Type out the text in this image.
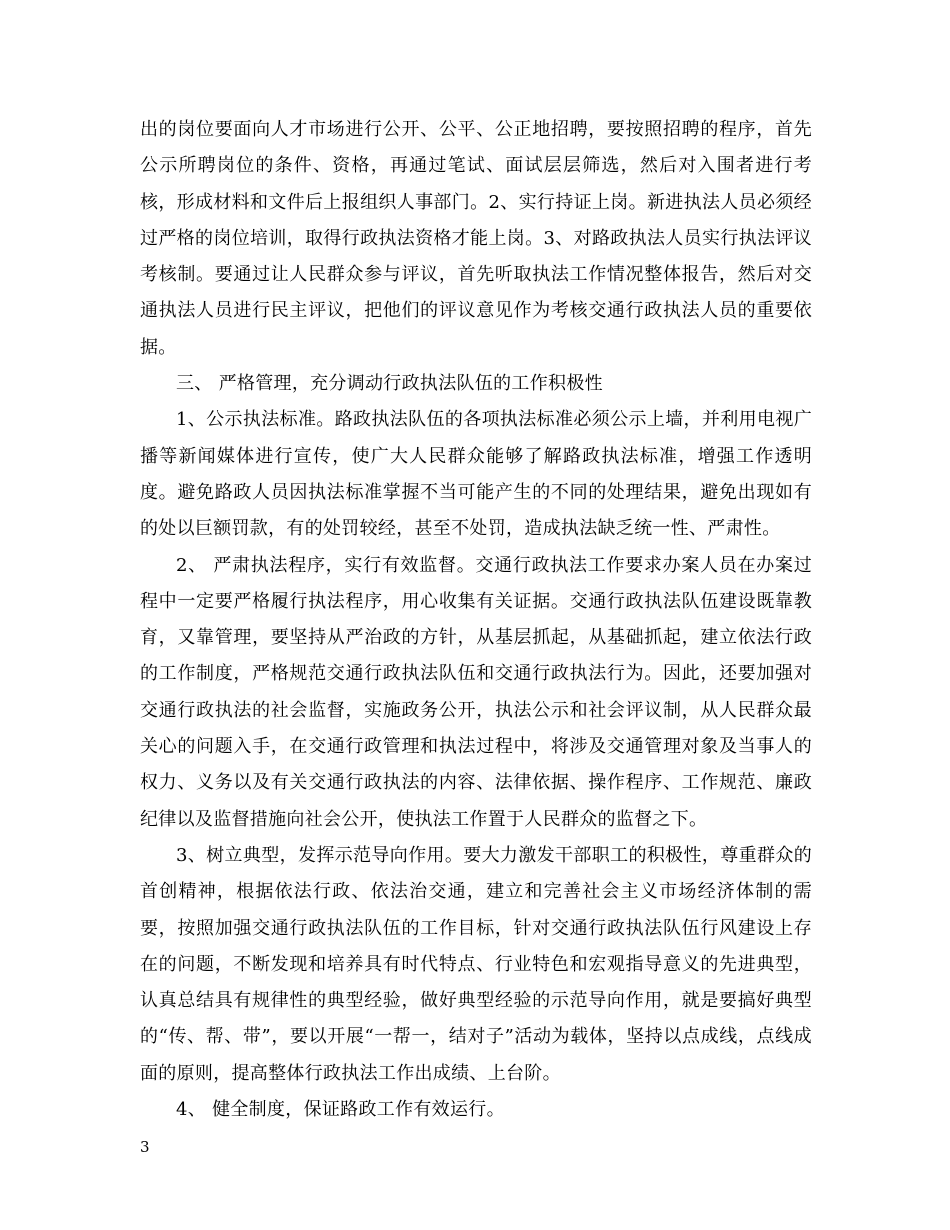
出的岗位要面向人才市场进行公开、公平、公正地招聘，要按照招聘的程序，首先公示所聘岗位的条件、资格，再通过笔试、面试层层筛选，然后对入围者进行考核，形成材料和文件后上报组织人事部门。2、实行持证上岗。新进执法人员必须经过严格的岗位培训，取得行政执法资格才能上岗。3、对路政执法人员实行执法评议考核制。要通过让人民群众参与评议，首先听取执法工作情况整体报告，然后对交通执法人员进行民主评议，把他们的评议意见作为考核交通行政执法人员的重要依据。

三、 严格管理，充分调动行政执法队伍的工作积极性

1、公示执法标准。路政执法队伍的各项执法标准必须公示上墙，并利用电视广播等新闻媒体进行宣传，使广大人民群众能够了解路政执法标准，增强工作透明度。避免路政人员因执法标准掌握不当可能产生的不同的处理结果，避免出现如有的处以巨额罚款，有的处罚较经，甚至不处罚，造成执法缺乏统一性、严肃性。

2、 严肃执法程序，实行有效监督。交通行政执法工作要求办案人员在办案过程中一定要严格履行执法程序，用心收集有关证据。交通行政执法队伍建设既靠教育，又靠管理，要坚持从严治政的方针，从基层抓起，从基础抓起，建立依法行政的工作制度，严格规范交通行政执法队伍和交通行政执法行为。因此，还要加强对交通行政执法的社会监督，实施政务公开，执法公示和社会评议制，从人民群众最关心的问题入手，在交通行政管理和执法过程中，将涉及交通管理对象及当事人的权力、义务以及有关交通行政执法的内容、法律依据、操作程序、工作规范、廉政纪律以及监督措施向社会公开，使执法工作置于人民群众的监督之下。

3、树立典型，发挥示范导向作用。要大力激发干部职工的积极性，尊重群众的首创精神，根据依法行政、依法治交通，建立和完善社会主义市场经济体制的需要，按照加强交通行政执法队伍的工作目标，针对交通行政执法队伍行风建设上存在的问题，不断发现和培养具有时代特点、行业特色和宏观指导意义的先进典型，认真总结具有规律性的典型经验，做好典型经验的示范导向作用，就是要搞好典型的“传、帮、带”，要以开展“一帮一，结对子”活动为载体，坚持以点成线，点线成面的原则，提高整体行政执法工作出成绩、上台阶。

4、 健全制度，保证路政工作有效运行。

3
